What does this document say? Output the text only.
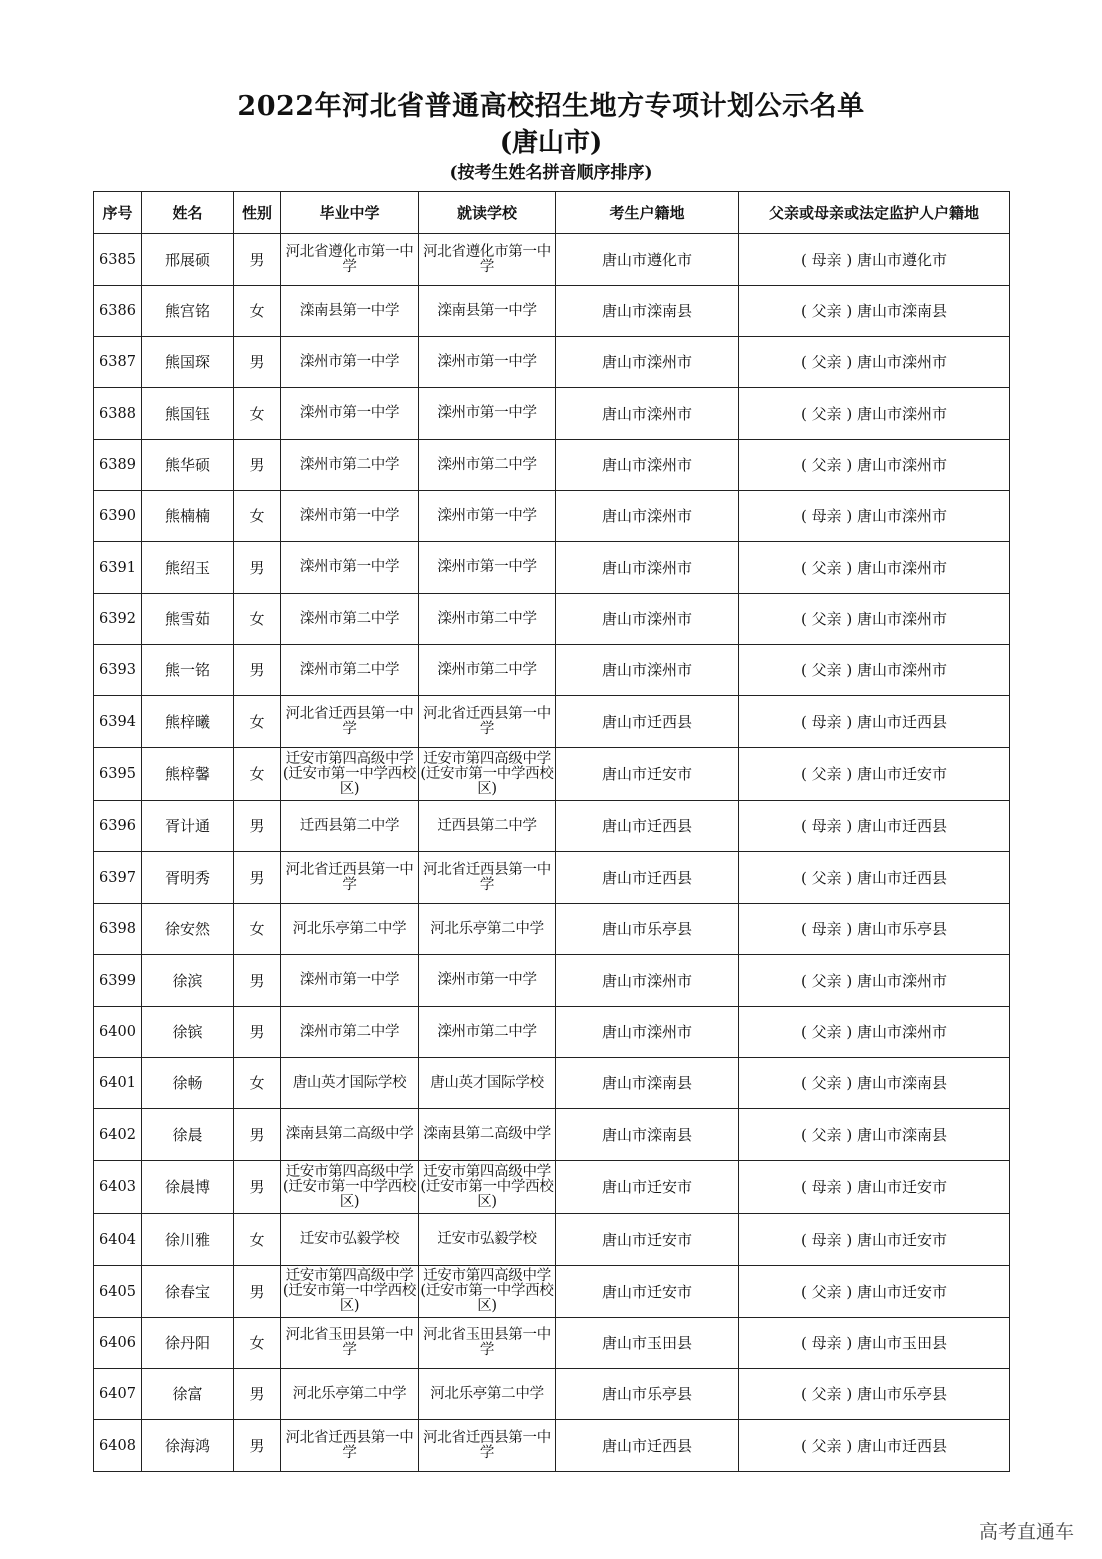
2022年河北省普通高校招生地方专项计划公示名单
(唐山市)
(按考生姓名拼音顺序排序)
序号	姓名	性别	毕业中学	就读学校	考生户籍地	父亲或母亲或法定监护人户籍地
6385	邢展硕	男	河北省遵化市第一中学	河北省遵化市第一中学	唐山市遵化市	( 母亲 ) 唐山市遵化市
6386	熊宫铭	女	滦南县第一中学	滦南县第一中学	唐山市滦南县	( 父亲 ) 唐山市滦南县
6387	熊国琛	男	滦州市第一中学	滦州市第一中学	唐山市滦州市	( 父亲 ) 唐山市滦州市
6388	熊国钰	女	滦州市第一中学	滦州市第一中学	唐山市滦州市	( 父亲 ) 唐山市滦州市
6389	熊华硕	男	滦州市第二中学	滦州市第二中学	唐山市滦州市	( 父亲 ) 唐山市滦州市
6390	熊楠楠	女	滦州市第一中学	滦州市第一中学	唐山市滦州市	( 母亲 ) 唐山市滦州市
6391	熊绍玉	男	滦州市第一中学	滦州市第一中学	唐山市滦州市	( 父亲 ) 唐山市滦州市
6392	熊雪茹	女	滦州市第二中学	滦州市第二中学	唐山市滦州市	( 父亲 ) 唐山市滦州市
6393	熊一铭	男	滦州市第二中学	滦州市第二中学	唐山市滦州市	( 父亲 ) 唐山市滦州市
6394	熊梓曦	女	河北省迁西县第一中学	河北省迁西县第一中学	唐山市迁西县	( 母亲 ) 唐山市迁西县
6395	熊梓馨	女	迁安市第四高级中学(迁安市第一中学西校区)	迁安市第四高级中学(迁安市第一中学西校区)	唐山市迁安市	( 父亲 ) 唐山市迁安市
6396	胥计通	男	迁西县第二中学	迁西县第二中学	唐山市迁西县	( 母亲 ) 唐山市迁西县
6397	胥明秀	男	河北省迁西县第一中学	河北省迁西县第一中学	唐山市迁西县	( 父亲 ) 唐山市迁西县
6398	徐安然	女	河北乐亭第二中学	河北乐亭第二中学	唐山市乐亭县	( 母亲 ) 唐山市乐亭县
6399	徐滨	男	滦州市第一中学	滦州市第一中学	唐山市滦州市	( 父亲 ) 唐山市滦州市
6400	徐镔	男	滦州市第二中学	滦州市第二中学	唐山市滦州市	( 父亲 ) 唐山市滦州市
6401	徐畅	女	唐山英才国际学校	唐山英才国际学校	唐山市滦南县	( 父亲 ) 唐山市滦南县
6402	徐晨	男	滦南县第二高级中学	滦南县第二高级中学	唐山市滦南县	( 父亲 ) 唐山市滦南县
6403	徐晨博	男	迁安市第四高级中学(迁安市第一中学西校区)	迁安市第四高级中学(迁安市第一中学西校区)	唐山市迁安市	( 母亲 ) 唐山市迁安市
6404	徐川雅	女	迁安市弘毅学校	迁安市弘毅学校	唐山市迁安市	( 母亲 ) 唐山市迁安市
6405	徐春宝	男	迁安市第四高级中学(迁安市第一中学西校区)	迁安市第四高级中学(迁安市第一中学西校区)	唐山市迁安市	( 父亲 ) 唐山市迁安市
6406	徐丹阳	女	河北省玉田县第一中学	河北省玉田县第一中学	唐山市玉田县	( 母亲 ) 唐山市玉田县
6407	徐富	男	河北乐亭第二中学	河北乐亭第二中学	唐山市乐亭县	( 父亲 ) 唐山市乐亭县
6408	徐海鸿	男	河北省迁西县第一中学	河北省迁西县第一中学	唐山市迁西县	( 父亲 ) 唐山市迁西县
高考直通车
